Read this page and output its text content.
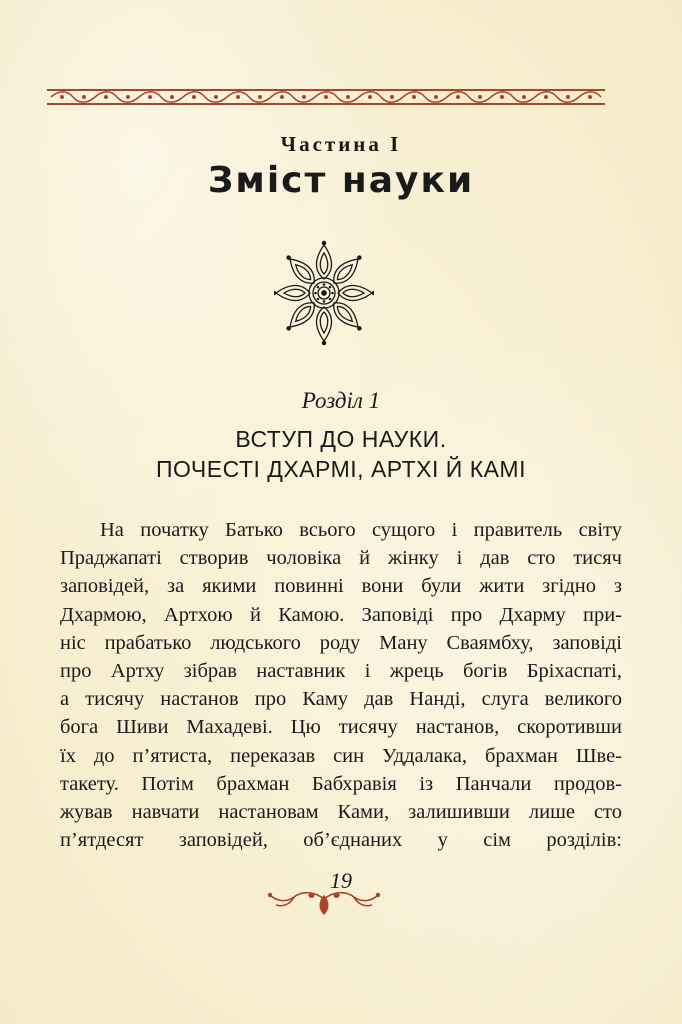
Частина I
Зміст науки
Розділ 1
ВСТУП ДО НАУКИ.
ПОЧЕСТІ ДХАРМІ, АРТХІ Й КАМІ
На початку Батько всього сущого і правитель світу
Праджапаті створив чоловіка й жінку і дав сто тисяч
заповідей, за якими повинні вони були жити згідно з
Дхармою, Артхою й Камою. Заповіді про Дхарму при-
ніс прабатько людського роду Ману Сваямбху, заповіді
про Артху зібрав наставник і жрець богів Бріхаспаті,
а тисячу настанов про Каму дав Нанді, слуга великого
бога Шиви Махадеві. Цю тисячу настанов, скоротивши
їх до п’ятиста, переказав син Уддалака, брахман Шве-
такету. Потім брахман Бабхравія із Панчали продов-
жував навчати настановам Ками, залишивши лише сто
п’ятдесят заповідей, об’єднаних у сім розділів:
19
